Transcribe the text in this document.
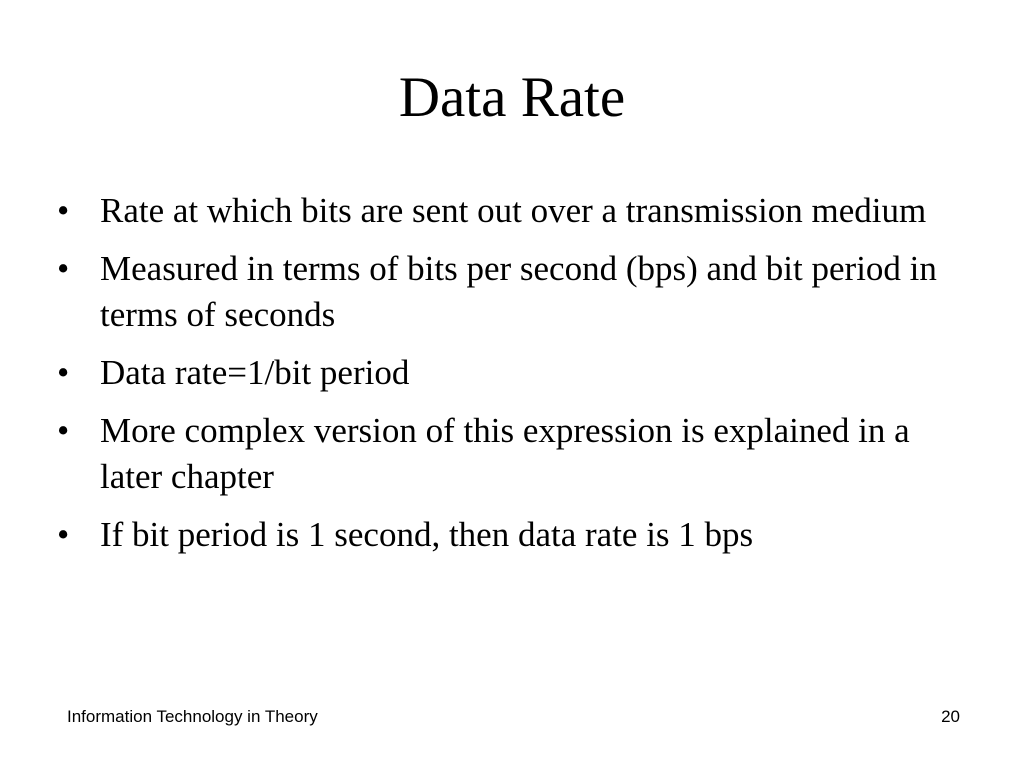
Data Rate
• Rate at which bits are sent out over a transmission medium
• Measured in terms of bits per second (bps) and bit period in terms of seconds
• Data rate=1/bit period
• More complex version of this expression is explained in a later chapter
• If bit period is 1 second, then data rate is 1 bps
Information Technology in Theory	20
